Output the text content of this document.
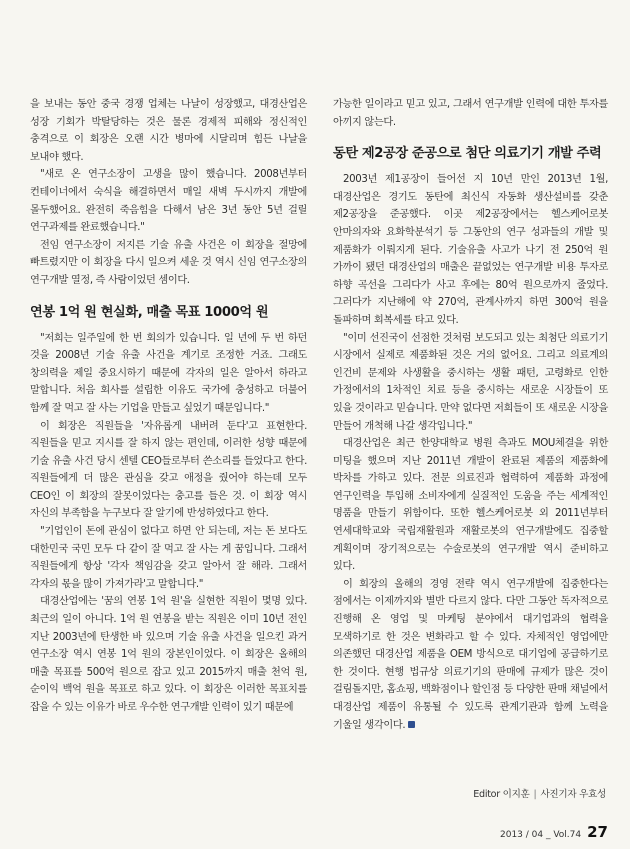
을 보내는 동안 중국 경쟁 업체는 나날이 성장했고, 대경산업은 성장 기회가 박탈당하는 것은 물론 경제적 피해와 정신적인 충격으로 이 회장은 오랜 시간 병마에 시달리며 힘든 나날을 보내야 했다.

"새로 온 연구소장이 고생을 많이 했습니다. 2008년부터 컨테이너에서 숙식을 해결하면서 매일 새벽 두시까지 개발에 몰두했어요. 완전히 죽음힘을 다해서 남은 3년 동안 5년 걸릴 연구과제를 완료했습니다."

전임 연구소장이 저지른 기술 유출 사건은 이 회장을 절망에 빠트렸지만 이 회장을 다시 일으켜 세운 것 역시 신임 연구소장의 연구개발 열정, 즉 사람이었던 셈이다.

연봉 1억 원 현실화, 매출 목표 1000억 원

"저희는 일주일에 한 번 회의가 있습니다. 일 년에 두 번 하던 것을 2008년 기술 유출 사건을 계기로 조정한 거죠. 그래도 창의력을 제일 중요시하기 때문에 각자의 일은 알아서 하라고 말합니다. 처음 회사를 설립한 이유도 국가에 충성하고 더불어 함께 잘 먹고 잘 사는 기업을 만들고 싶었기 때문입니다."

이 회장은 직원들을 '자유롭게 내버려 둔다'고 표현한다. 직원들을 믿고 지시를 잘 하지 않는 편인데, 이러한 성향 때문에 기술 유출 사건 당시 센텔 CEO들로부터 쓴소리를 들었다고 한다. 직원들에게 더 많은 관심을 갖고 애정을 줬어야 하는데 모두 CEO인 이 회장의 잘못이었다는 충고를 들은 것. 이 회장 역시 자신의 부족함을 누구보다 잘 알기에 반성하였다고 한다.

"기업인이 돈에 관심이 없다고 하면 안 되는데, 저는 돈 보다도 대한민국 국민 모두 다 같이 잘 먹고 잘 사는 게 꿈입니다. 그래서 직원들에게 항상 '각자 책임감을 갖고 알아서 잘 해라. 그래서 각자의 몫을 많이 가져가라'고 말합니다."

대경산업에는 '꿈의 연봉 1억 원'을 실현한 직원이 몇명 있다. 최근의 일이 아니다. 1억 원 연봉을 받는 직원은 이미 10년 전인 지난 2003년에 탄생한 바 있으며 기술 유출 사건을 일으킨 과거 연구소장 역시 연봉 1억 원의 장본인이었다. 이 회장은 올해의 매출 목표를 500억 원으로 잡고 있고 2015까지 매출 천억 원, 순이익 백억 원을 목표로 하고 있다. 이 회장은 이러한 목표치를 잡을 수 있는 이유가 바로 우수한 연구개발 인력이 있기 때문에

가능한 일이라고 믿고 있고, 그래서 연구개발 인력에 대한 투자를 아끼지 않는다.

동탄 제2공장 준공으로 첨단 의료기기 개발 주력

2003년 제1공장이 들어선 지 10년 만인 2013년 1월, 대경산업은 경기도 동탄에 최신식 자동화 생산설비를 갖춘 제2공장을 준공했다. 이곳 제2공장에서는 헬스케어로봇 안마의자와 요화학분석기 등 그동안의 연구 성과들의 개발 및 제품화가 이뤄지게 된다. 기술유출 사고가 나기 전 250억 원 가까이 됐던 대경산업의 매출은 끝없었는 연구개발 비용 투자로 하향 곡선을 그리다가 사고 후에는 80억 원으로까지 줄었다. 그러다가 지난해에 약 270억, 관계사까지 하면 300억 원을 돌파하며 회복세를 타고 있다.

"이미 선진국이 선점한 것처럼 보도되고 있는 최첨단 의료기기 시장에서 실제로 제품화된 것은 거의 없어요. 그리고 의료계의 인건비 문제와 사생활을 중시하는 생활 패턴, 고령화로 인한 가정에서의 1차적인 치료 등을 중시하는 새로운 시장들이 또 있을 것이라고 믿습니다. 만약 없다면 저희들이 또 새로운 시장을 만들어 개척해 나갈 생각입니다."

대경산업은 최근 한양대학교 병원 측과도 MOU체결을 위한 미팅을 했으며 지난 2011년 개발이 완료된 제품의 제품화에 박차를 가하고 있다. 전문 의료진과 협력하여 제품화 과정에 연구인력을 투입해 소비자에게 실질적인 도움을 주는 세계적인 명품을 만들기 위함이다. 또한 헬스케어로봇 외 2011년부터 연세대학교와 국립재활원과 재활로봇의 연구개발에도 집중할 계획이며 장기적으로는 수술로봇의 연구개발 역시 준비하고 있다.

이 회장의 올해의 경영 전략 역시 연구개발에 집중한다는 점에서는 이제까지와 별반 다르지 않다. 다만 그동안 독자적으로 진행해 온 영업 및 마케팅 분야에서 대기업과의 협력을 모색하기로 한 것은 변화라고 할 수 있다. 자체적인 영업에만 의존했던 대경산업 제품을 OEM 방식으로 대기업에 공급하기로 한 것이다. 현행 법규상 의료기기의 판매에 규제가 많은 것이 걸림돌지만, 홈쇼핑, 백화점이나 할인점 등 다양한 판매 채널에서 대경산업 제품이 유통될 수 있도록 관계기관과 함께 노력을 기울일 생각이다.

Editor 이지훈 | 사진기자 우효성
2013 / 04 _ Vol.74 27
